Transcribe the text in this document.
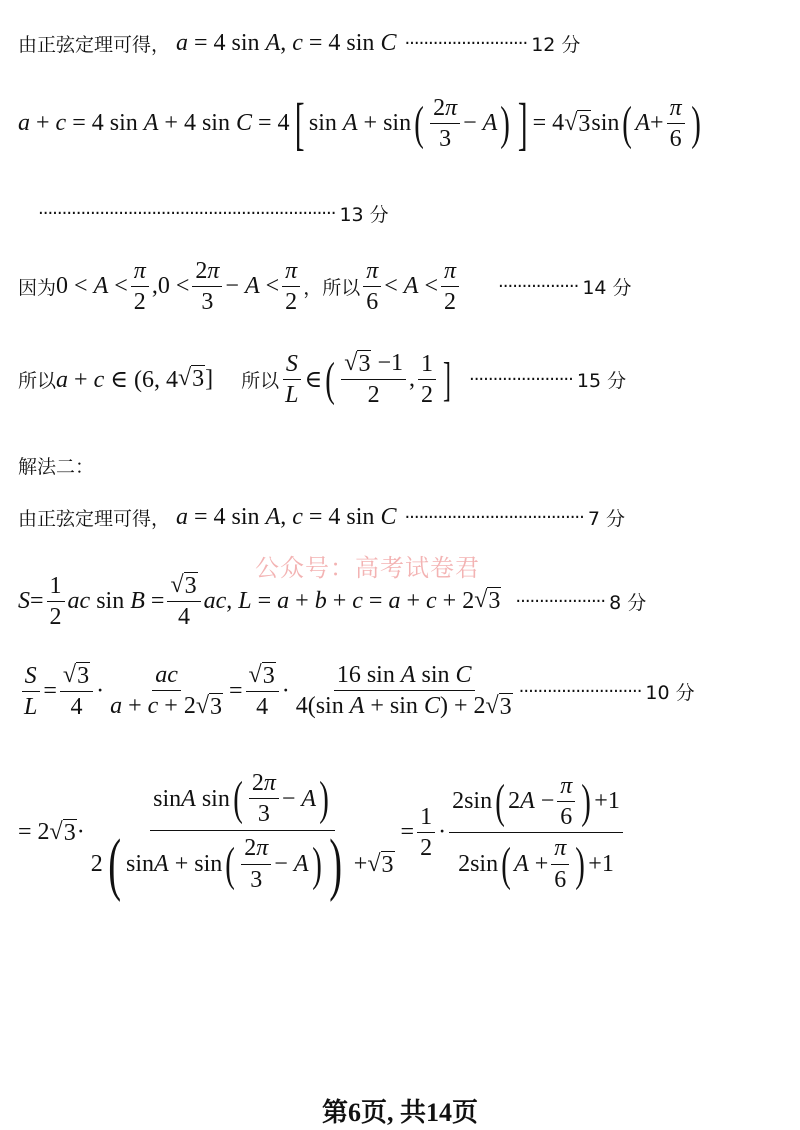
由正弦定理可得， a = 4 sin A, c = 4 sin C ·························· 12 分
a + c = 4 sin A + 4 sin C = 4 [ sin A + sin ( $\frac{2\pi}{3} - A$ ) ] = 4 √ 3 sin ( $A + \frac{\pi}{6}$ )
······························································· 13 分
因为 $0 < A < \frac{\pi}{2} ,0 < \frac{2\pi}{3} - A < \frac{\pi}{2}$ ，所以 $\frac{\pi}{6} < A < \frac{\pi}{2}$ ················· 14 分
所以 a + c ∈ (6, 4 √ 3 ] 所以 $\frac{S}{L}$ ∈ ( $\frac{√ 3 -1}{2}$ , $\frac{1}{2}$ ] ······················ 15 分
解法二：
由正弦定理可得， a = 4 sin A, c = 4 sin C ······································ 7 分
公众号：高考试卷君
$S = \frac{1}{2}$ ac $\sin B = \frac{√ 3}{4}$ ac , L = a + b + c = a + c + 2 √ 3 ··················· 8 分
$\frac{S}{L} = \frac{√ 3}{4} \cdot \frac{ac}{a + c + 2 √ 3} = \frac{√ 3}{4} \cdot \frac{\text{16 sin A sin C}}{\text{4(sin A + sin C) + 2 √ 3}}$ ·························· 10 分
= 2 √ $3 \cdot \frac{\sin A \sin ( \frac{2\pi}{3} - A )}{2 ( \sin A + \sin ( \frac{2\pi}{3} - A ) ) + √ 3} = \frac{1}{2} \cdot \frac{2\sin ( 2 A - \frac{\pi}{6} ) +1}{2\sin ( A + \frac{\pi}{6} ) +1}$
第6页, 共14页
